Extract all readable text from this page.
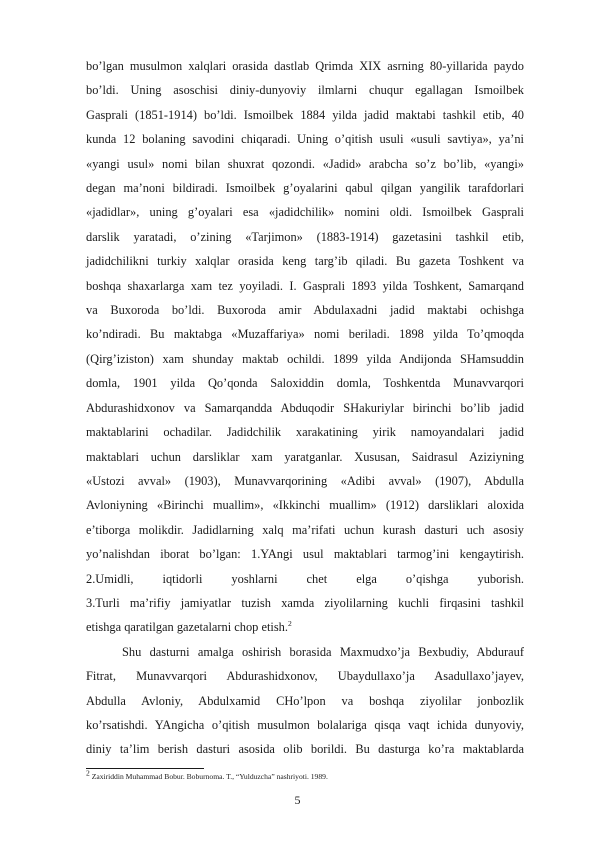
bo’lgan musulmon xalqlari orasida dastlab Qrimda XIX asrning 80-yillarida paydo
bo’ldi. Uning asoschisi diniy-dunyoviy ilmlarni chuqur egallagan Ismoilbek
Gasprali (1851-1914) bo’ldi. Ismoilbek 1884 yilda jadid maktabi tashkil etib, 40
kunda 12 bolaning savodini chiqaradi. Uning o’qitish usuli «usuli savtiya», ya’ni
«yangi usul» nomi bilan shuxrat qozondi. «Jadid» arabcha so’z bo’lib, «yangi»
degan ma’noni bildiradi. Ismoilbek g’oyalarini qabul qilgan yangilik tarafdorlari
«jadidlar», uning g’oyalari esa «jadidchilik» nomini oldi. Ismoilbek Gasprali
darslik yaratadi, o’zining «Tarjimon» (1883-1914) gazetasini tashkil etib,
jadidchilikni turkiy xalqlar orasida keng targ’ib qiladi. Bu gazeta Toshkent va
boshqa shaxarlarga xam tez yoyiladi. I. Gasprali 1893 yilda Toshkent, Samarqand
va Buxoroda bo’ldi. Buxoroda amir Abdulaxadni jadid maktabi ochishga
ko’ndiradi. Bu maktabga «Muzaffariya» nomi beriladi. 1898 yilda To’qmoqda
(Qirg’iziston) xam shunday maktab ochildi. 1899 yilda Andijonda SHamsuddin
domla, 1901 yilda Qo’qonda Saloxiddin domla, Toshkentda Munavvarqori
Abdurashidxonov va Samarqandda Abduqodir SHakuriylar birinchi bo’lib jadid
maktablarini ochadilar. Jadidchilik xarakatining yirik namoyandalari jadid
maktablari uchun darsliklar xam yaratganlar. Xususan, Saidrasul Aziziyning
«Ustozi avval» (1903), Munavvarqorining «Adibi avval» (1907), Abdulla
Avloniyning «Birinchi muallim», «Ikkinchi muallim» (1912) darsliklari aloxida
e’tiborga molikdir. Jadidlarning xalq ma’rifati uchun kurash dasturi uch asosiy
yo’nalishdan iborat bo’lgan: 1.YAngi usul maktablari tarmog’ini kengaytirish.
2.Umidli, iqtidorli yoshlarni chet elga o’qishga yuborish.
3.Turli ma’rifiy jamiyatlar tuzish xamda ziyolilarning kuchli firqasini tashkil
etishga qaratilgan gazetalarni chop etish.$^2$

Shu dasturni amalga oshirish borasida Maxmudxo’ja Bexbudiy, Abdurauf
Fitrat, Munavvarqori Abdurashidxonov, Ubaydullaxo’ja Asadullaxo’jayev,
Abdulla Avloniy, Abdulxamid CHo’lpon va boshqa ziyolilar jonbozlik
ko’rsatishdi. YAngicha o’qitish musulmon bolalariga qisqa vaqt ichida dunyoviy,
diniy ta’lim berish dasturi asosida olib borildi. Bu dasturga ko’ra maktablarda

$^2$ Zaxiriddin Muhammad Bobur. Boburnoma. T., “Yulduzcha” nashriyoti. 1989.
5
